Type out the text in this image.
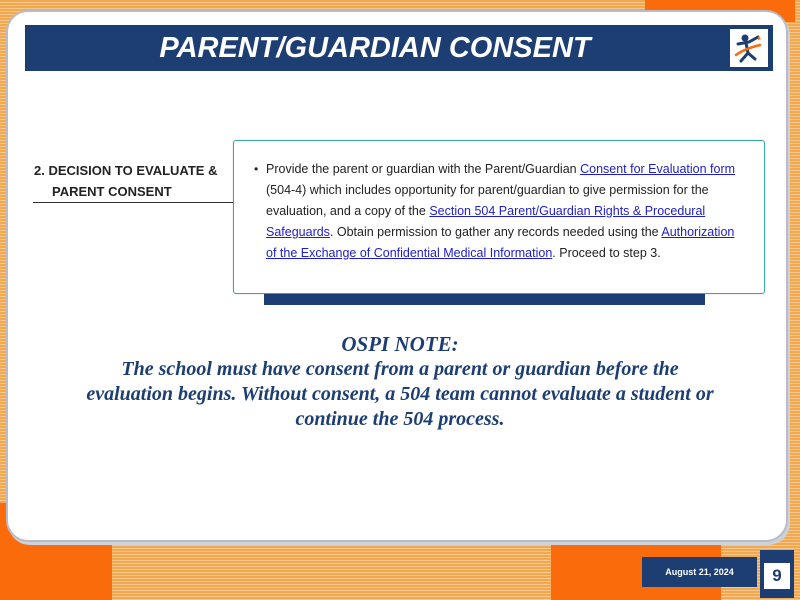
PARENT/GUARDIAN CONSENT
2. DECISION TO EVALUATE &
PARENT CONSENT
• Provide the parent or guardian with the Parent/Guardian Consent for Evaluation form (504-4) which includes opportunity for parent/guardian to give permission for the evaluation, and a copy of the Section 504 Parent/Guardian Rights & Procedural Safeguards. Obtain permission to gather any records needed using the Authorization of the Exchange of Confidential Medical Information. Proceed to step 3.
OSPI NOTE:
The school must have consent from a parent or guardian before the evaluation begins. Without consent, a 504 team cannot evaluate a student or continue the 504 process.
August 21, 2024	9
